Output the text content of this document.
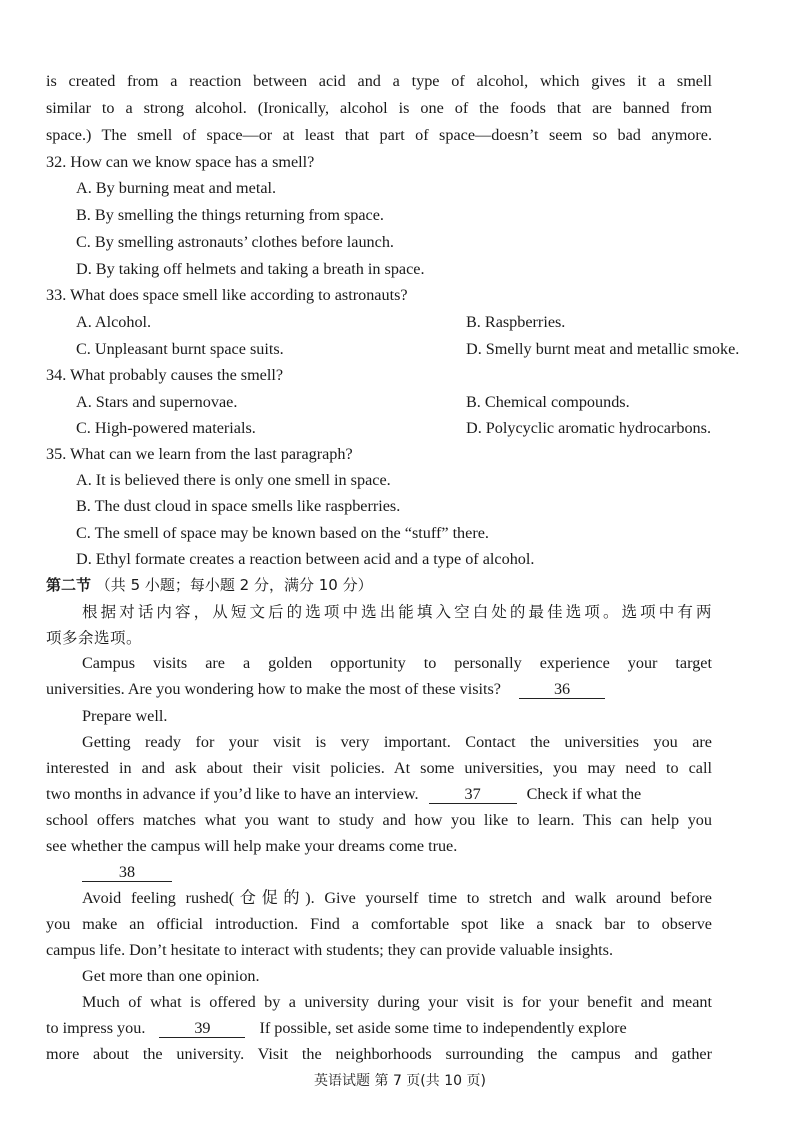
is created from a reaction between acid and a type of alcohol, which gives it a smell
similar to a strong alcohol. (Ironically, alcohol is one of the foods that are banned from
space.) The smell of space—or at least that part of space—doesn’t seem so bad anymore.
32. How can we know space has a smell?
A. By burning meat and metal.
B. By smelling the things returning from space.
C. By smelling astronauts’ clothes before launch.
D. By taking off helmets and taking a breath in space.
33. What does space smell like according to astronauts?
A. Alcohol.	B. Raspberries.
C. Unpleasant burnt space suits.	D. Smelly burnt meat and metallic smoke.
34. What probably causes the smell?
A. Stars and supernovae.	B. Chemical compounds.
C. High-powered materials.	D. Polycyclic aromatic hydrocarbons.
35. What can we learn from the last paragraph?
A. It is believed there is only one smell in space.
B. The dust cloud in space smells like raspberries.
C. The smell of space may be known based on the “stuff” there.
D. Ethyl formate creates a reaction between acid and a type of alcohol.
第二节 （共 5 小题；每小题 2 分，满分 10 分）
根据对话内容，从短文后的选项中选出能填入空白处的最佳选项。选项中有两
项多余选项。
Campus visits are a golden opportunity to personally experience your target
universities. Are you wondering how to make the most of these visits?	36
Prepare well.
Getting ready for your visit is very important. Contact the universities you are
interested in and ask about their visit policies. At some universities, you may need to call
two months in advance if you’d like to have an interview.	37	Check if what the
school offers matches what you want to study and how you like to learn. This can help you
see whether the campus will help make your dreams come true.
38
Avoid feeling rushed(仓促的). Give yourself time to stretch and walk around before
you make an official introduction. Find a comfortable spot like a snack bar to observe
campus life. Don’t hesitate to interact with students; they can provide valuable insights.
Get more than one opinion.
Much of what is offered by a university during your visit is for your benefit and meant
to impress you.	39	If possible, set aside some time to independently explore
more about the university. Visit the neighborhoods surrounding the campus and gather
英语试题 第 7 页(共 10 页)
